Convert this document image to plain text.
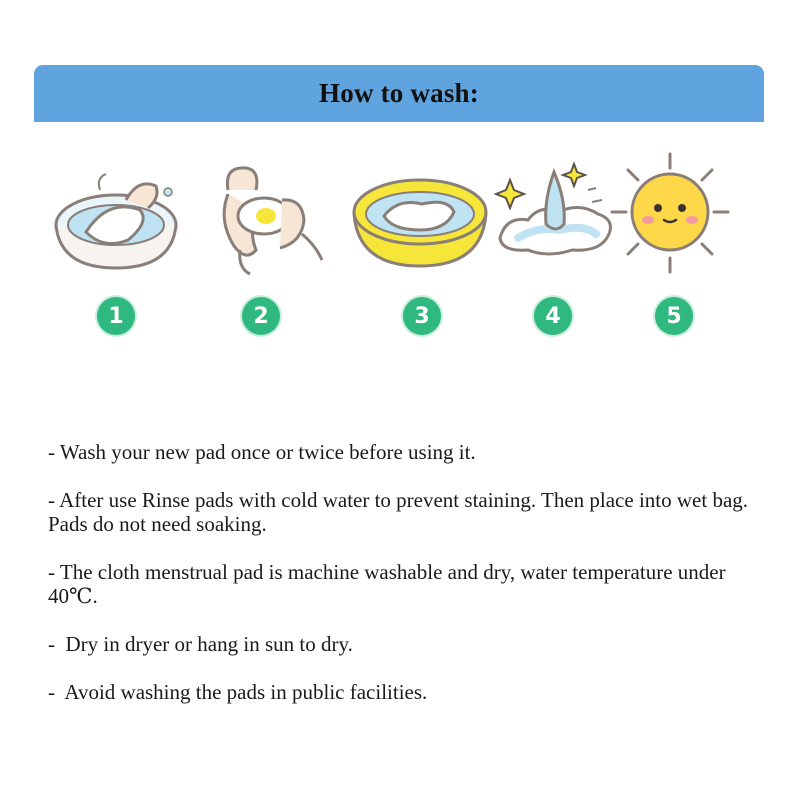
How to wash:
1	2	3	4	5

- Wash your new pad once or twice before using it.

- After use Rinse pads with cold water to prevent staining. Then place into wet bag.  Pads do not need soaking.

- The cloth menstrual pad is machine washable and dry, water temperature under 40℃.

-  Dry in dryer or hang in sun to dry.

-  Avoid washing the pads in public facilities.
